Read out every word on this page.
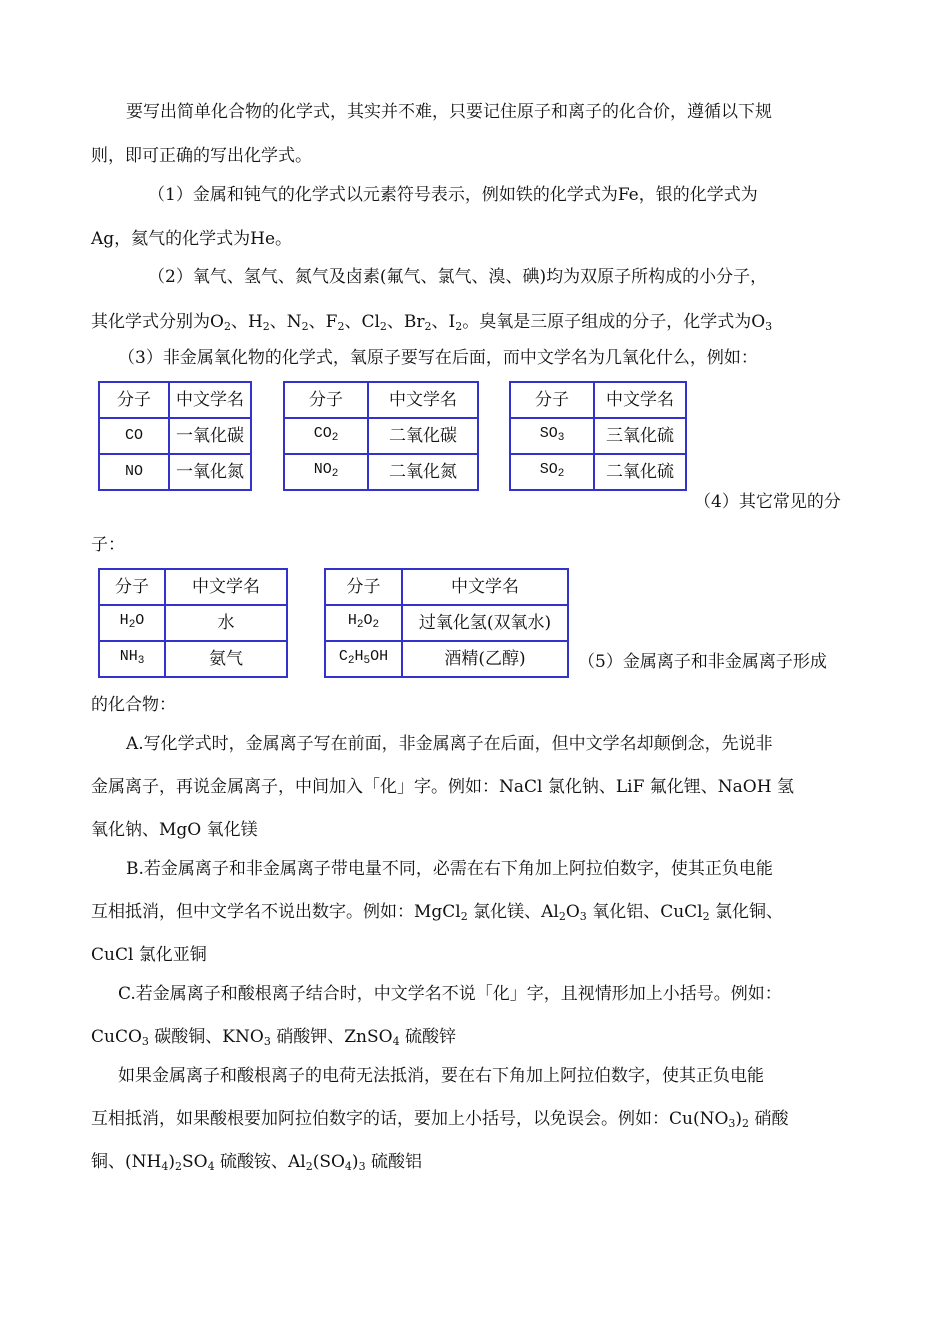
要写出简单化合物的化学式，其实并不难，只要记住原子和离子的化合价，遵循以下规
则，即可正确的写出化学式。
（1）金属和钝气的化学式以元素符号表示，例如铁的化学式为Fe，银的化学式为
Ag，氦气的化学式为He。
（2）氧气、氢气、氮气及卤素(氟气、氯气、溴、碘)均为双原子所构成的小分子，
其化学式分别为$O_2$、$H_2$、$N_2$、$F_2$、$Cl_2$、$Br_2$、$I_2$。臭氧是三原子组成的分子，化学式为$O_3$
（3）非金属氧化物的化学式，氧原子要写在后面，而中文学名为几氧化什么，例如：
分子	中文学名
CO	一氧化碳
NO	一氧化氮
分子	中文学名
$CO_2$	二氧化碳
$NO_2$	二氧化氮
分子	中文学名
$SO_3$	三氧化硫
$SO_2$	二氧化硫
（4）其它常见的分
子：
分子	中文学名
$H_2O$	水
$NH_3$	氨气
分子	中文学名
$H_2O_2$	过氧化氢(双氧水)
$C_2H_5OH$	酒精(乙醇)	（5）金属离子和非金属离子形成
的化合物：
A.写化学式时，金属离子写在前面，非金属离子在后面，但中文学名却颠倒念，先说非
金属离子，再说金属离子，中间加入「化」字。例如：NaCl 氯化钠、LiF 氟化锂、NaOH 氢
氧化钠、MgO 氧化镁
B.若金属离子和非金属离子带电量不同，必需在右下角加上阿拉伯数字，使其正负电能
互相抵消，但中文学名不说出数字。例如：MgCl$_2$ 氯化镁、$Al_2O_3$ 氧化铝、CuCl$_2$ 氯化铜、
CuCl 氯化亚铜
C.若金属离子和酸根离子结合时，中文学名不说「化」字，且视情形加上小括号。例如：
CuCO$_3$ 碳酸铜、$KNO_3$ 硝酸钾、ZnSO$_4$ 硫酸锌
如果金属离子和酸根离子的电荷无法抵消，要在右下角加上阿拉伯数字，使其正负电能
互相抵消，如果酸根要加阿拉伯数字的话，要加上小括号，以免误会。例如：$Cu(NO_3)_2$ 硝酸
铜、$(NH_4)_2SO_4$ 硫酸铵、$Al_2(SO_4)_3$ 硫酸铝
